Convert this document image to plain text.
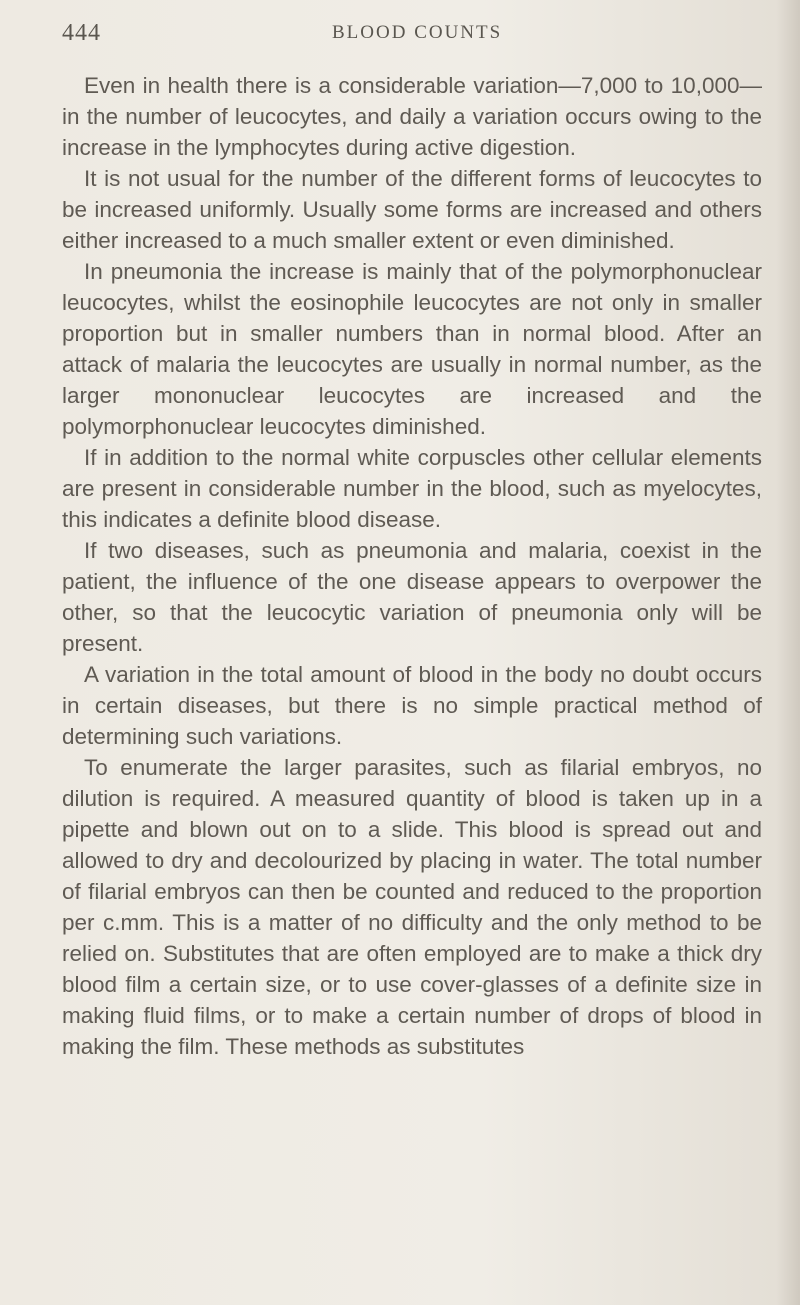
444	BLOOD COUNTS

Even in health there is a considerable variation—7,000 to 10,000—in the number of leucocytes, and daily a variation occurs owing to the increase in the lymphocytes during active digestion.

It is not usual for the number of the different forms of leucocytes to be increased uniformly. Usually some forms are increased and others either increased to a much smaller extent or even diminished.

In pneumonia the increase is mainly that of the polymorphonuclear leucocytes, whilst the eosinophile leucocytes are not only in smaller proportion but in smaller numbers than in normal blood. After an attack of malaria the leucocytes are usually in normal number, as the larger mononuclear leucocytes are increased and the polymorphonuclear leucocytes diminished.

If in addition to the normal white corpuscles other cellular elements are present in considerable number in the blood, such as myelocytes, this indicates a definite blood disease.

If two diseases, such as pneumonia and malaria, coexist in the patient, the influence of the one disease appears to overpower the other, so that the leucocytic variation of pneumonia only will be present.

A variation in the total amount of blood in the body no doubt occurs in certain diseases, but there is no simple practical method of determining such variations.

To enumerate the larger parasites, such as filarial embryos, no dilution is required. A measured quantity of blood is taken up in a pipette and blown out on to a slide. This blood is spread out and allowed to dry and decolourized by placing in water. The total number of filarial embryos can then be counted and reduced to the proportion per c.mm. This is a matter of no difficulty and the only method to be relied on. Substitutes that are often employed are to make a thick dry blood film a certain size, or to use cover-glasses of a definite size in making fluid films, or to make a certain number of drops of blood in making the film. These methods as substitutes
